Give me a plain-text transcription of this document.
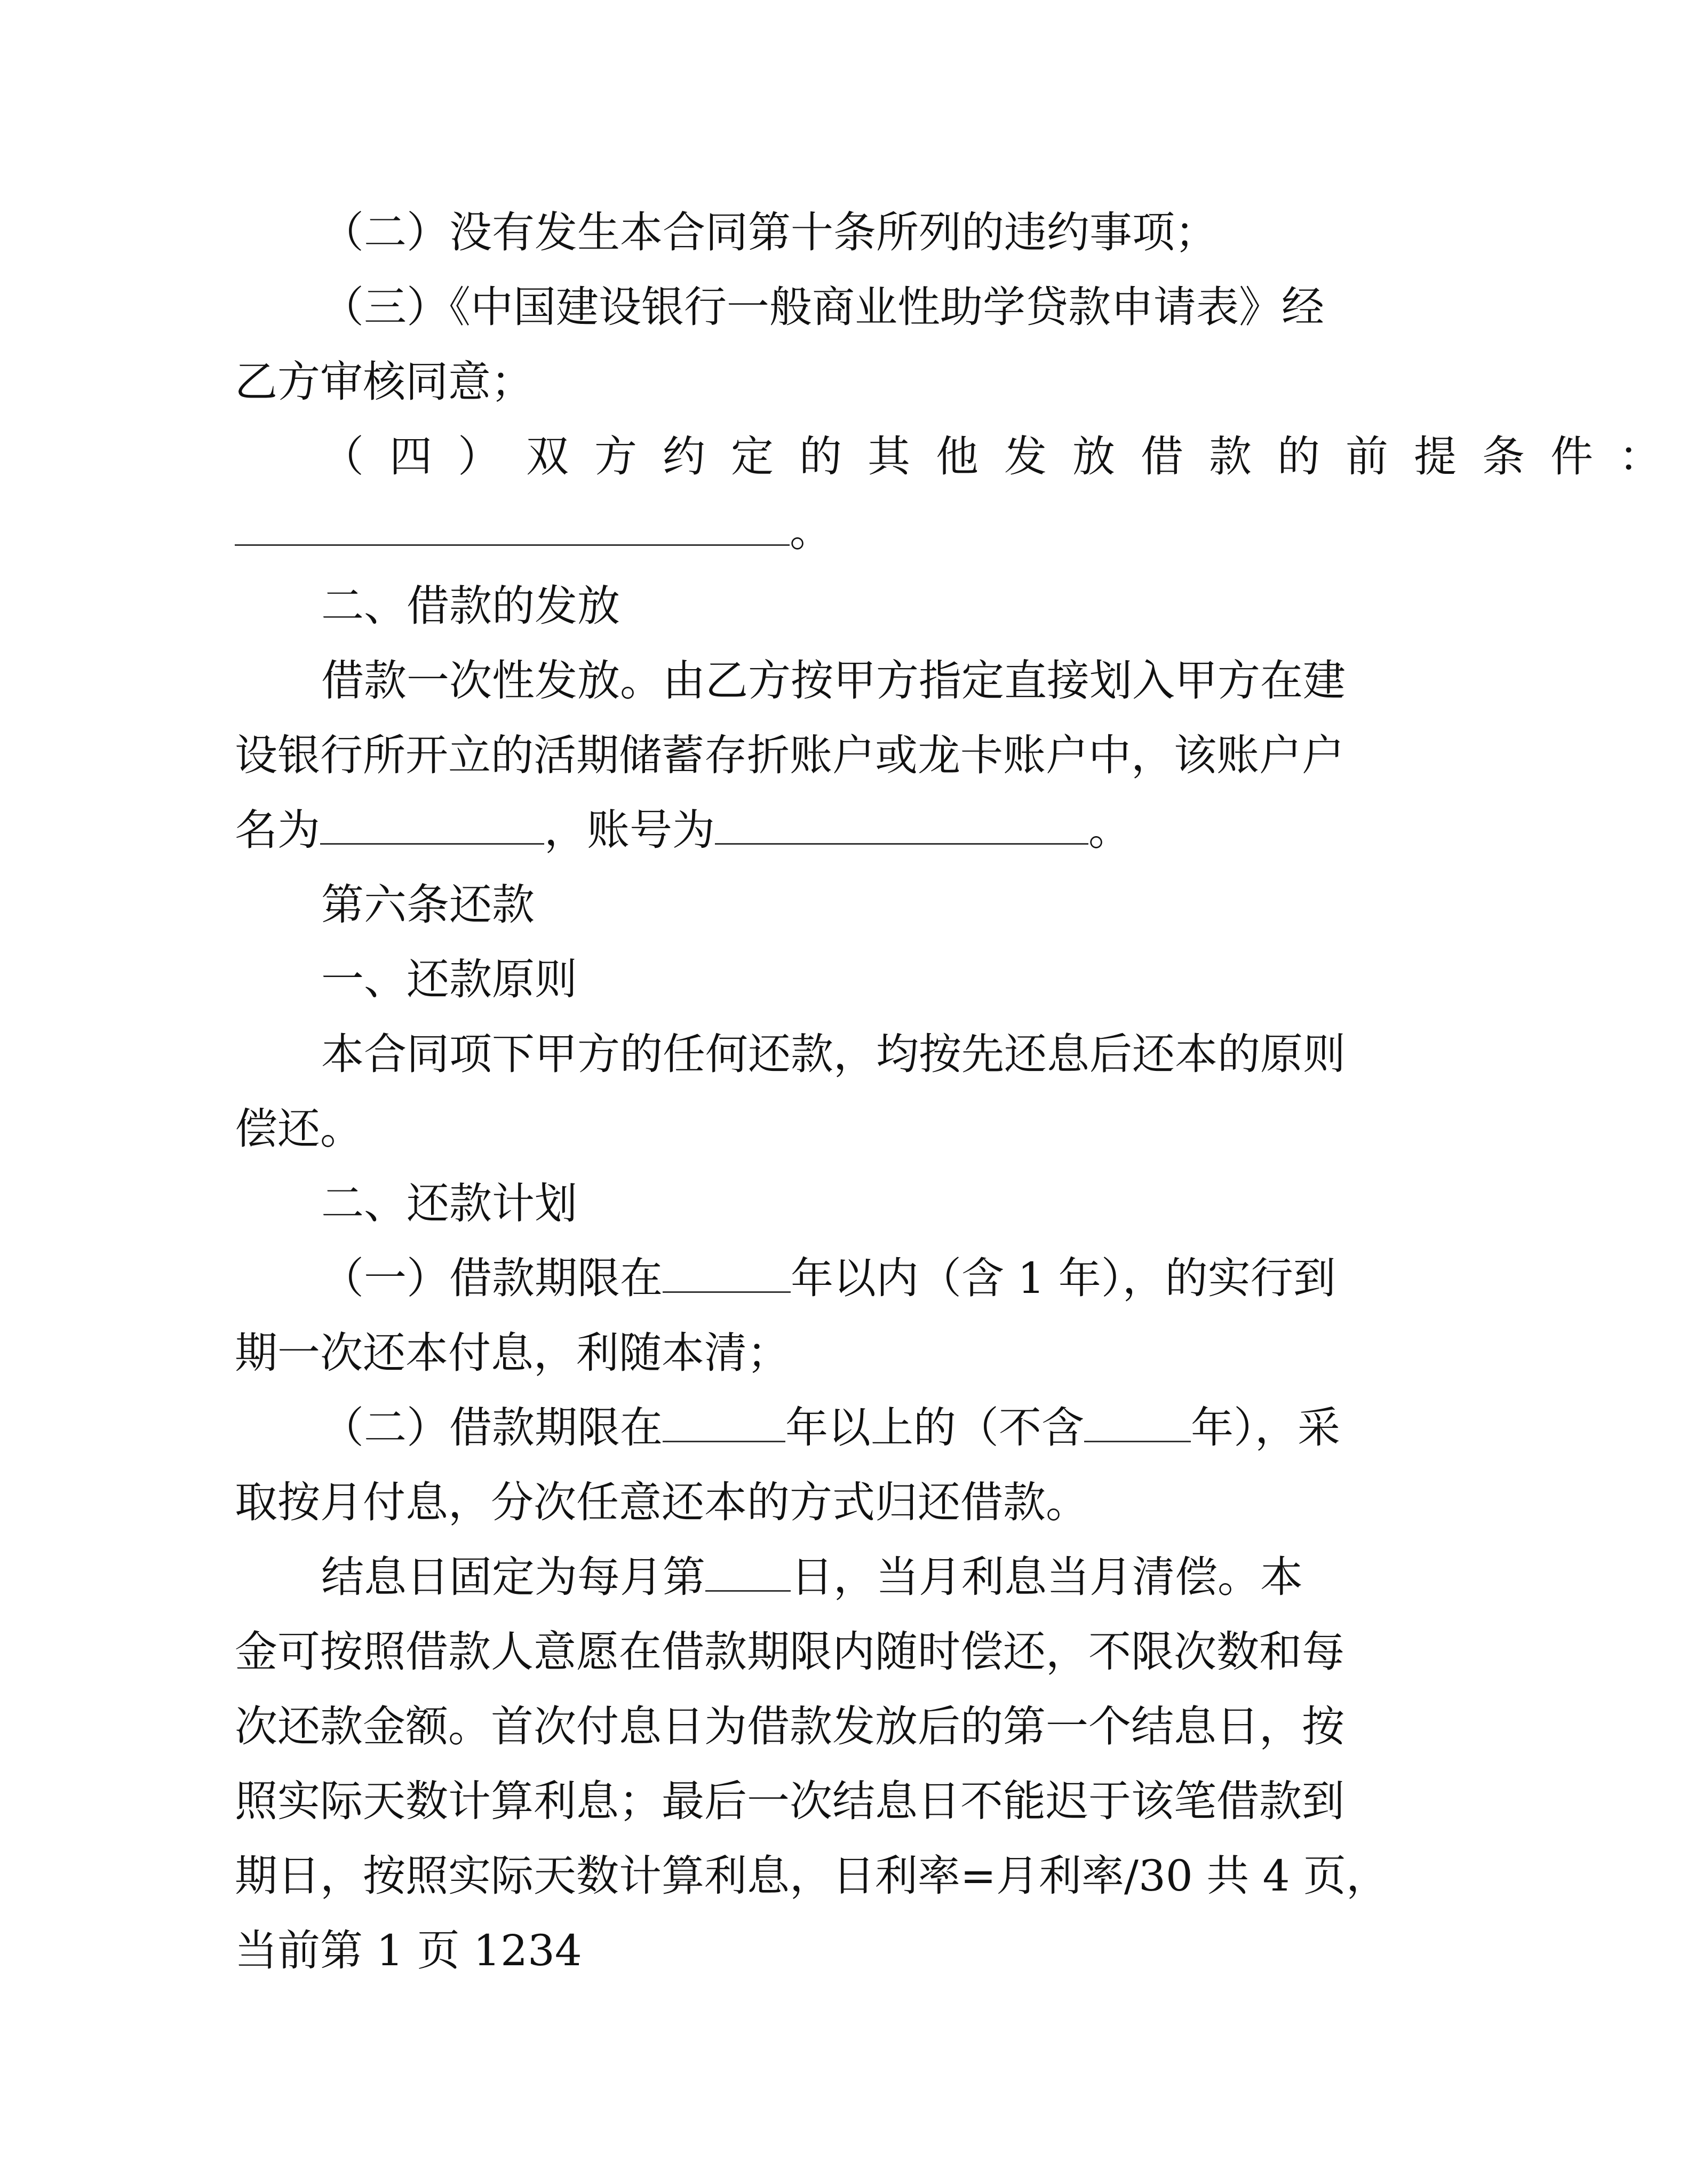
（二）没有发生本合同第十条所列的违约事项；
（三）《中国建设银行一般商业性助学贷款申请表》经
乙方审核同意；
（四）双方约定的其他发放借款的前提条件：
。
二、借款的发放
借款一次性发放。由乙方按甲方指定直接划入甲方在建
设银行所开立的活期储蓄存折账户或龙卡账户中，该账户户
名为	，账号为	。
第六条还款
一、还款原则
本合同项下甲方的任何还款，均按先还息后还本的原则
偿还。
二、还款计划
（一）借款期限在	年以内（含 1 年），的实行到
期一次还本付息，利随本清；
（二）借款期限在	年以上的（不含	年），采
取按月付息，分次任意还本的方式归还借款。
结息日固定为每月第 日，当月利息当月清偿。本
金可按照借款人意愿在借款期限内随时偿还，不限次数和每
次还款金额。首次付息日为借款发放后的第一个结息日，按
照实际天数计算利息；最后一次结息日不能迟于该笔借款到
期日，按照实际天数计算利息，日利率=月利率/30 共 4 页，
当前第 1 页 1234
